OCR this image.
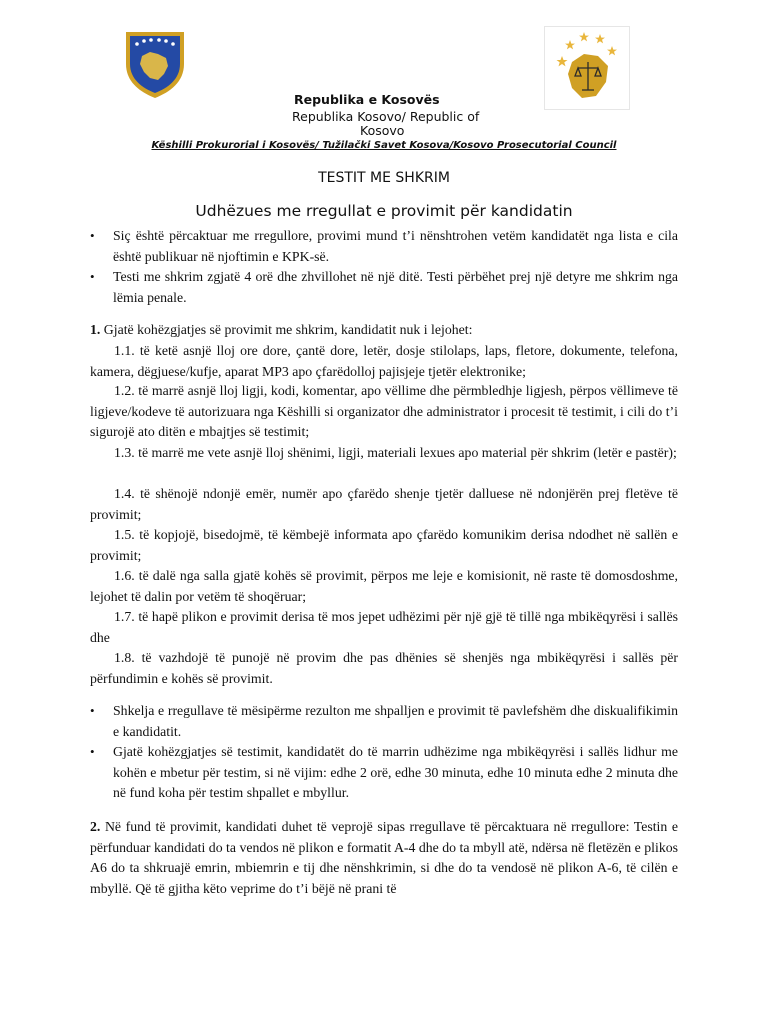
Republika e Kosovës
Republika Kosovo/ Republic of
Kosovo
Këshilli Prokurorial i Kosovës/ Tužilački Savet Kosova/Kosovo Prosecutorial Council
TESTIT ME SHKRIM
Udhëzues me rregullat e provimit për kandidatin
• Siç është përcaktuar me rregullore, provimi mund t’i nënshtrohen vetëm kandidatët nga lista e cila është publikuar në njoftimin e KPK-së.
• Testi me shkrim zgjatë 4 orë dhe zhvillohet në një ditë. Testi përbëhet prej një detyre me shkrim nga lëmia penale.
1. Gjatë kohëzgjatjes së provimit me shkrim, kandidatit nuk i lejohet:
1.1. të ketë asnjë lloj ore dore, çantë dore, letër, dosje stilolaps, laps, fletore, dokumente, telefona, kamera, dëgjuese/kufje, aparat MP3 apo çfarëdolloj pajisjeje tjetër elektronike;
1.2. të marrë asnjë lloj ligji, kodi, komentar, apo vëllime dhe përmbledhje ligjesh, përpos vëllimeve të ligjeve/kodeve të autorizuara nga Këshilli si organizator dhe administrator i procesit të testimit, i cili do t’i sigurojë ato ditën e mbajtjes së testimit;
1.3. të marrë me vete asnjë lloj shënimi, ligji, materiali lexues apo material për shkrim (letër e pastër);
1.4. të shënojë ndonjë emër, numër apo çfarëdo shenje tjetër dalluese në ndonjërën prej fletëve të provimit;
1.5. të kopjojë, bisedojmë, të këmbejë informata apo çfarëdo komunikim derisa ndodhet në sallën e provimit;
1.6. të dalë nga salla gjatë kohës së provimit, përpos me leje e komisionit, në raste të domosdoshme, lejohet të dalin por vetëm të shoqëruar;
1.7. të hapë plikon e provimit derisa të mos jepet udhëzimi për një gjë të tillë nga mbikëqyrësi i sallës dhe
1.8. të vazhdojë të punojë në provim dhe pas dhënies së shenjës nga mbikëqyrësi i sallës për përfundimin e kohës së provimit.
• Shkelja e rregullave të mësipërme rezulton me shpalljen e provimit të pavlefshëm dhe diskualifikimin e kandidatit.
• Gjatë kohëzgjatjes së testimit, kandidatët do të marrin udhëzime nga mbikëqyrësi i sallës lidhur me kohën e mbetur për testim, si në vijim: edhe 2 orë, edhe 30 minuta, edhe 10 minuta edhe 2 minuta dhe në fund koha për testim shpallet e mbyllur.
2. Në fund të provimit, kandidati duhet të veprojë sipas rregullave të përcaktuara në rregullore: Testin e përfunduar kandidati do ta vendos në plikon e formatit A-4 dhe do ta mbyll atë, ndërsa në fletëzën e plikos A6 do ta shkruajë emrin, mbiemrin e tij dhe nënshkrimin, si dhe do ta vendosë në plikon A-6, të cilën e mbyllë. Që të gjitha këto veprime do t’i bëjë në prani të
